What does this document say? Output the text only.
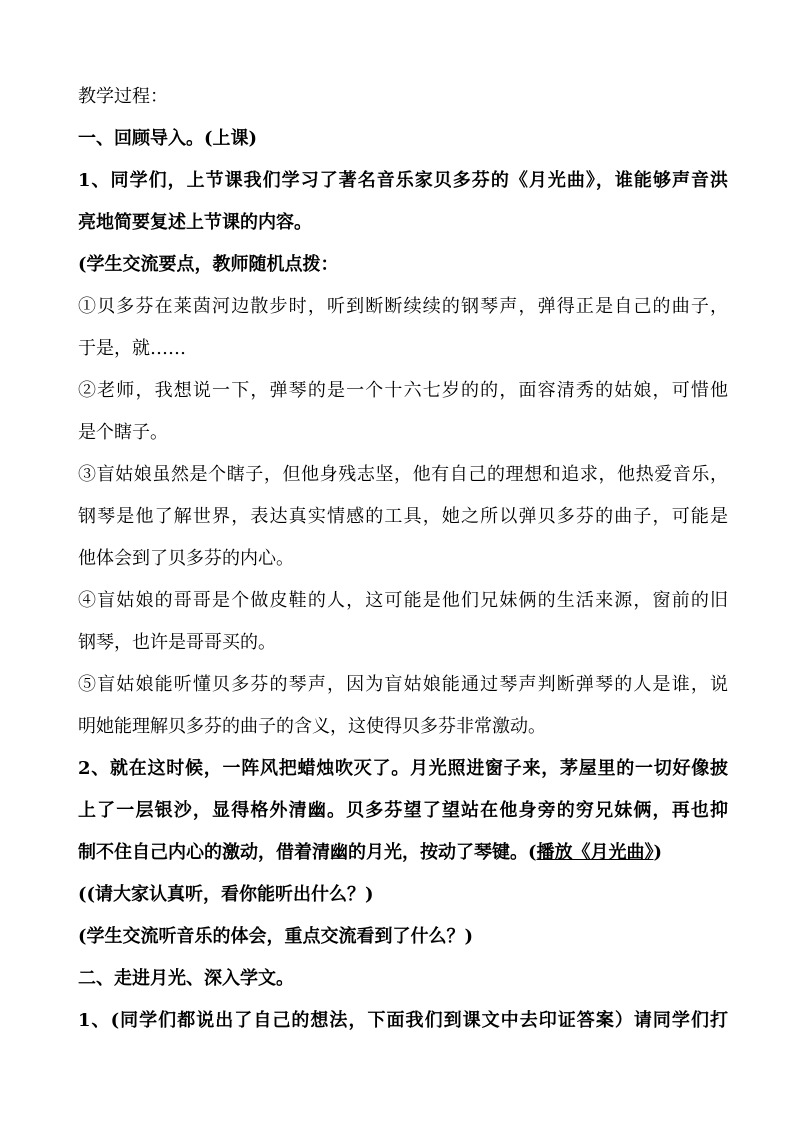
教学过程：
一、回顾导入。(上课)
1、同学们，上节课我们学习了著名音乐家贝多芬的《月光曲》，谁能够声音洪
亮地简要复述上节课的内容。
(学生交流要点，教师随机点拨：
①贝多芬在莱茵河边散步时，听到断断续续的钢琴声，弹得正是自己的曲子，
于是，就……
②老师，我想说一下，弹琴的是一个十六七岁的的，面容清秀的姑娘，可惜他
是个瞎子。
③盲姑娘虽然是个瞎子，但他身残志坚，他有自己的理想和追求，他热爱音乐，
钢琴是他了解世界，表达真实情感的工具，她之所以弹贝多芬的曲子，可能是
他体会到了贝多芬的内心。
④盲姑娘的哥哥是个做皮鞋的人，这可能是他们兄妹俩的生活来源，窗前的旧
钢琴，也许是哥哥买的。
⑤盲姑娘能听懂贝多芬的琴声，因为盲姑娘能通过琴声判断弹琴的人是谁，说
明她能理解贝多芬的曲子的含义，这使得贝多芬非常激动。
2、就在这时候，一阵风把蜡烛吹灭了。月光照进窗子来，茅屋里的一切好像披
上了一层银沙，显得格外清幽。贝多芬望了望站在他身旁的穷兄妹俩，再也抑
制不住自己内心的激动，借着清幽的月光，按动了琴键。(播放《月光曲》)
((请大家认真听，看你能听出什么？)
(学生交流听音乐的体会，重点交流看到了什么？)
二、走进月光、深入学文。
1、(同学们都说出了自己的想法，下面我们到课文中去印证答案）请同学们打
